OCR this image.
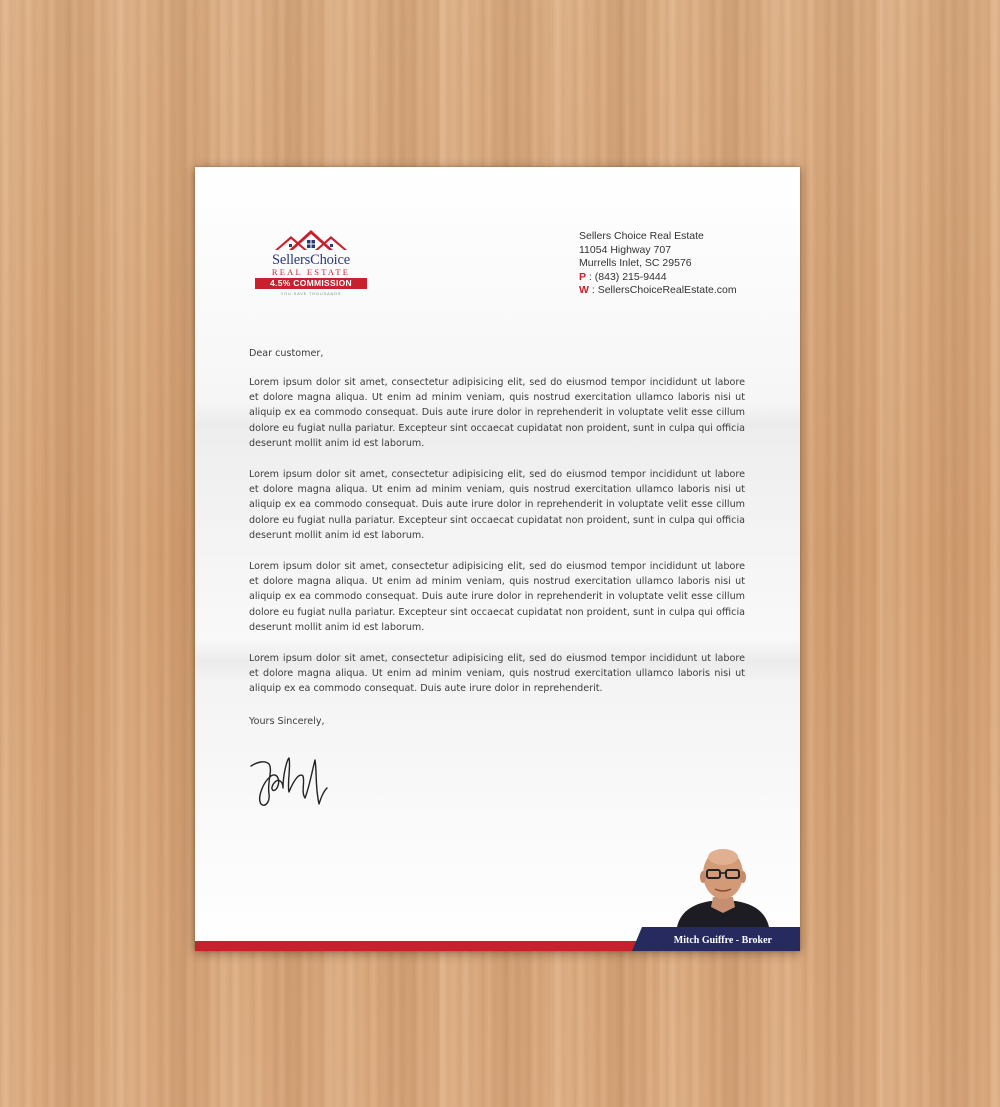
SellersChoice
REAL ESTATE
4.5% COMMISSION
YOU SAVE THOUSANDS
Sellers Choice Real Estate
11054 Highway 707
Murrells Inlet, SC 29576
P : (843) 215-9444
W : SellersChoiceRealEstate.com

Dear customer,

Lorem ipsum dolor sit amet, consectetur adipisicing elit, sed do eiusmod tempor incididunt ut labore et dolore magna aliqua. Ut enim ad minim veniam, quis nostrud exercitation ullamco laboris nisi ut aliquip ex ea commodo consequat. Duis aute irure dolor in reprehenderit in voluptate velit esse cillum dolore eu fugiat nulla pariatur. Excepteur sint occaecat cupidatat non proident, sunt in culpa qui officia deserunt mollit anim id est laborum.

Lorem ipsum dolor sit amet, consectetur adipisicing elit, sed do eiusmod tempor incididunt ut labore et dolore magna aliqua. Ut enim ad minim veniam, quis nostrud exercitation ullamco laboris nisi ut aliquip ex ea commodo consequat. Duis aute irure dolor in reprehenderit in voluptate velit esse cillum dolore eu fugiat nulla pariatur. Excepteur sint occaecat cupidatat non proident, sunt in culpa qui officia deserunt mollit anim id est laborum.

Lorem ipsum dolor sit amet, consectetur adipisicing elit, sed do eiusmod tempor incididunt ut labore et dolore magna aliqua. Ut enim ad minim veniam, quis nostrud exercitation ullamco laboris nisi ut aliquip ex ea commodo consequat. Duis aute irure dolor in reprehenderit in voluptate velit esse cillum dolore eu fugiat nulla pariatur. Excepteur sint occaecat cupidatat non proident, sunt in culpa qui officia deserunt mollit anim id est laborum.

Lorem ipsum dolor sit amet, consectetur adipisicing elit, sed do eiusmod tempor incididunt ut labore et dolore magna aliqua. Ut enim ad minim veniam, quis nostrud exercitation ullamco laboris nisi ut aliquip ex ea commodo consequat. Duis aute irure dolor in reprehenderit.

Yours Sincerely,

Mitch Guiffre - Broker
